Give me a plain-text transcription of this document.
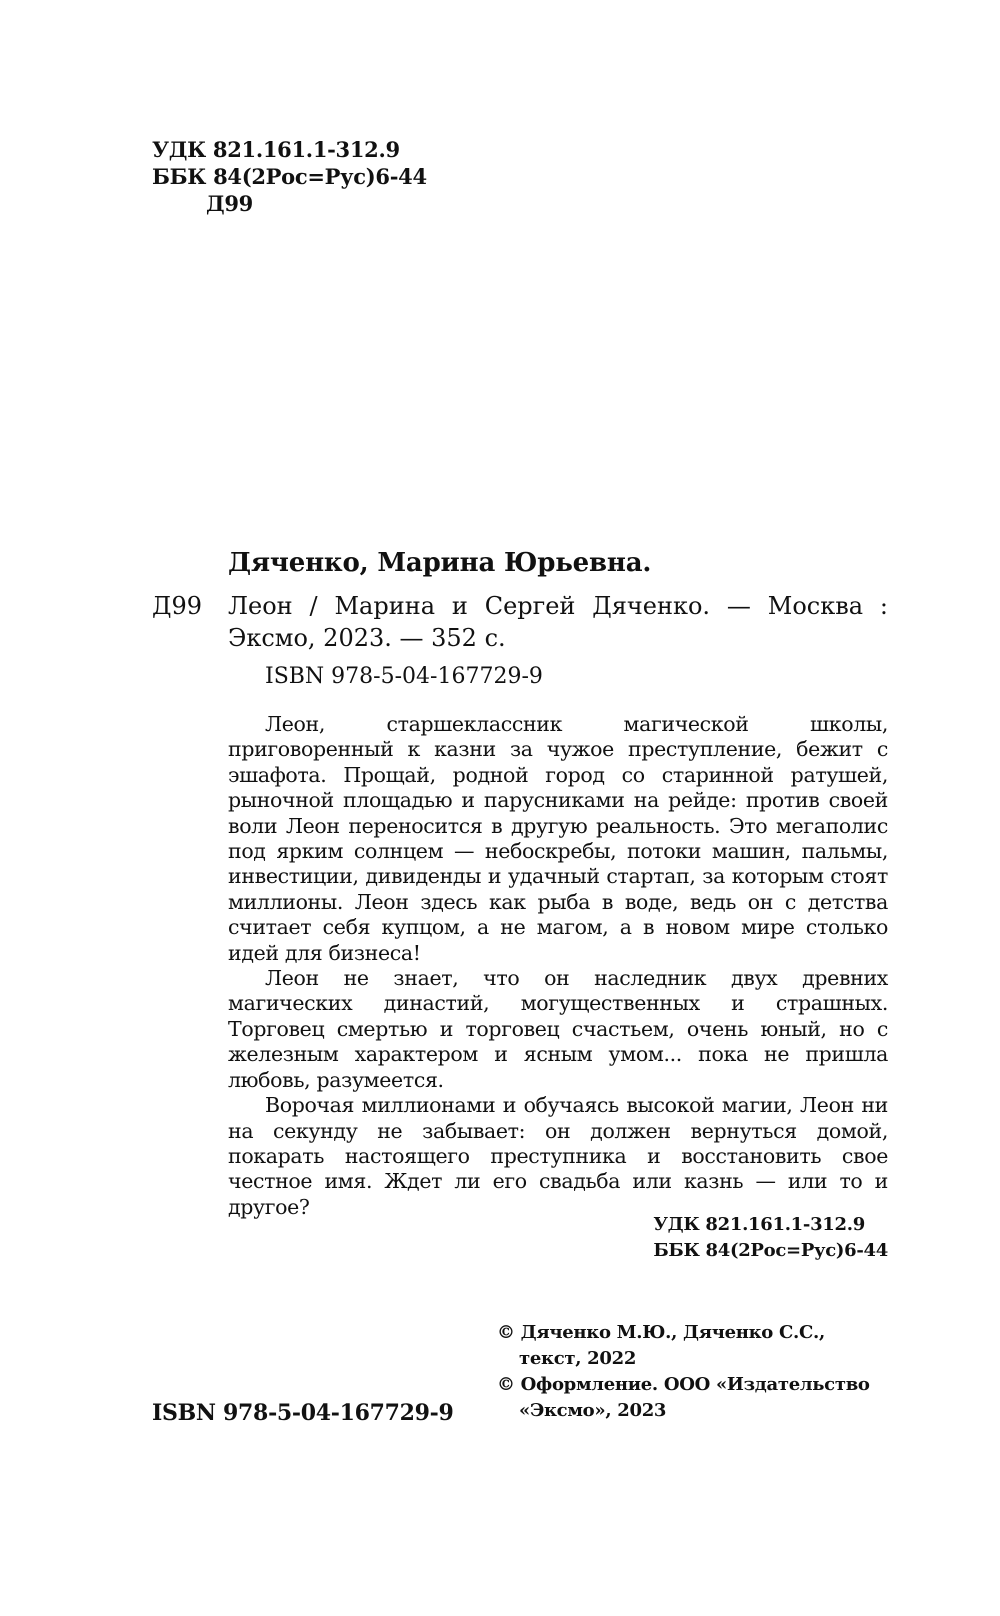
УДК 821.161.1-312.9
ББК 84(2Рос=Рус)6-44
Д99
Дяченко, Марина Юрьевна.
Д99 Леон / Марина и Сергей Дяченко. — Москва : Эксмо, 2023. — 352 с.
ISBN 978-5-04-167729-9

Леон, старшеклассник магической школы, приговоренный к казни за чужое преступление, бежит с эшафота. Прощай, родной город со старинной ратушей, рыночной площадью и парусниками на рейде: против своей воли Леон переносится в другую реальность. Это мегаполис под ярким солнцем — небоскребы, потоки машин, пальмы, инвестиции, дивиденды и удачный стартап, за которым стоят миллионы. Леон здесь как рыба в воде, ведь он с детства считает себя купцом, а не магом, а в новом мире столько идей для бизнеса!

Леон не знает, что он наследник двух древних магических династий, могущественных и страшных. Торговец смертью и торговец счастьем, очень юный, но с железным характером и ясным умом... пока не пришла любовь, разумеется.

Ворочая миллионами и обучаясь высокой магии, Леон ни на секунду не забывает: он должен вернуться домой, покарать настоящего преступника и восстановить свое честное имя. Ждет ли его свадьба или казнь — или то и другое?

УДК 821.161.1-312.9
ББК 84(2Рос=Рус)6-44

© Дяченко М.Ю., Дяченко С.С.,

текст, 2022

© Оформление. ООО «Издательство

«Эксмо», 2023

ISBN 978-5-04-167729-9
